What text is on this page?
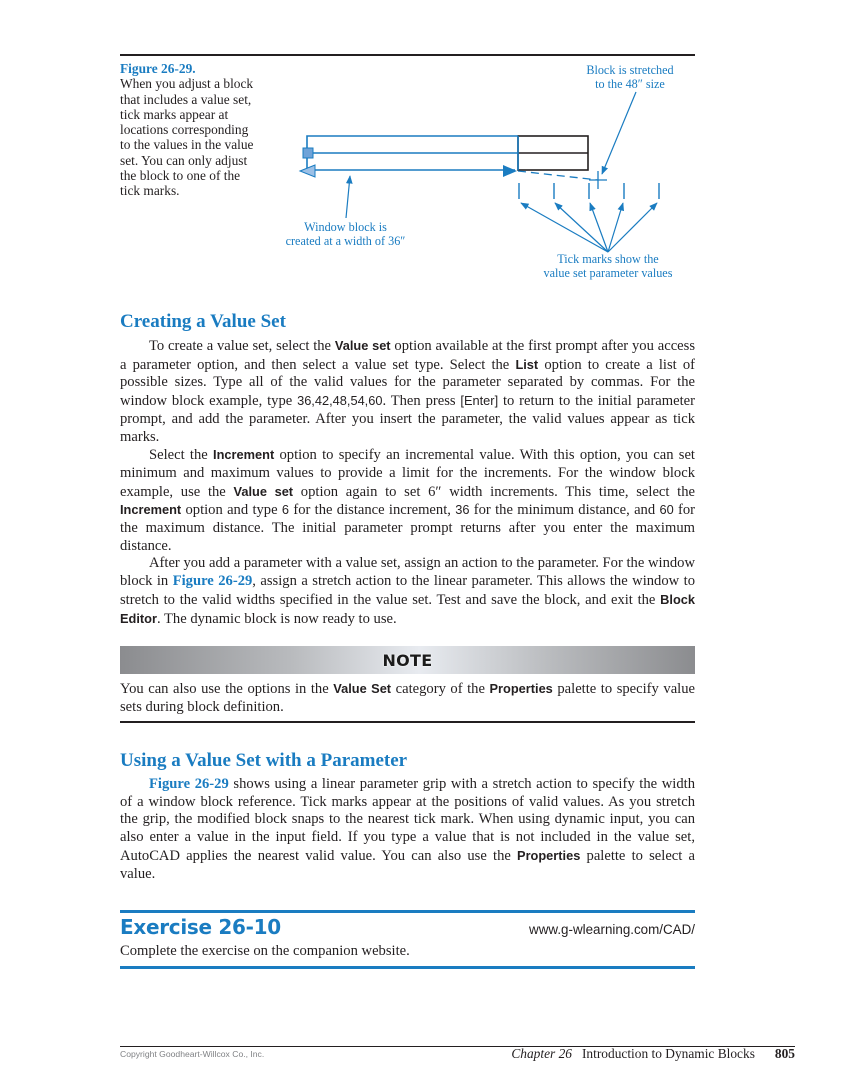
Figure 26-29.
When you adjust a block that includes a value set, tick marks appear at locations corresponding to the values in the value set. You can only adjust the block to one of the tick marks.
Block is stretched
to the 48″ size
Window block is
created at a width of 36″
Tick marks show the
value set parameter values
Creating a Value Set

To create a value set, select the Value set option available at the first prompt after you access a parameter option, and then select a value set type. Select the List option to create a list of possible sizes. Type all of the valid values for the parameter separated by commas. For the window block example, type 36,42,48,54,60. Then press [Enter] to return to the initial parameter prompt, and add the parameter. After you insert the parameter, the valid values appear as tick marks.

Select the Increment option to specify an incremental value. With this option, you can set minimum and maximum values to provide a limit for the increments. For the window block example, use the Value set option again to set 6″ width increments. This time, select the Increment option and type 6 for the distance increment, 36 for the minimum distance, and 60 for the maximum distance. The initial parameter prompt returns after you enter the maximum distance.

After you add a parameter with a value set, assign an action to the parameter. For the window block in Figure 26-29, assign a stretch action to the linear parameter. This allows the window to stretch to the valid widths specified in the value set. Test and save the block, and exit the Block Editor. The dynamic block is now ready to use.

NOTE
You can also use the options in the Value Set category of the Properties palette to specify value sets during block definition.
Using a Value Set with a Parameter

Figure 26-29 shows using a linear parameter grip with a stretch action to specify the width of a window block reference. Tick marks appear at the positions of valid values. As you stretch the grip, the modified block snaps to the nearest tick mark. When using dynamic input, you can also enter a value in the input field. If you type a value that is not included in the value set, AutoCAD applies the nearest valid value. You can also use the Properties palette to select a value.

Exercise 26-10	www.g-wlearning.com/CAD/
Complete the exercise on the companion website.
Copyright Goodheart-Willcox Co., Inc.	Chapter 26 Introduction to Dynamic Blocks 805
